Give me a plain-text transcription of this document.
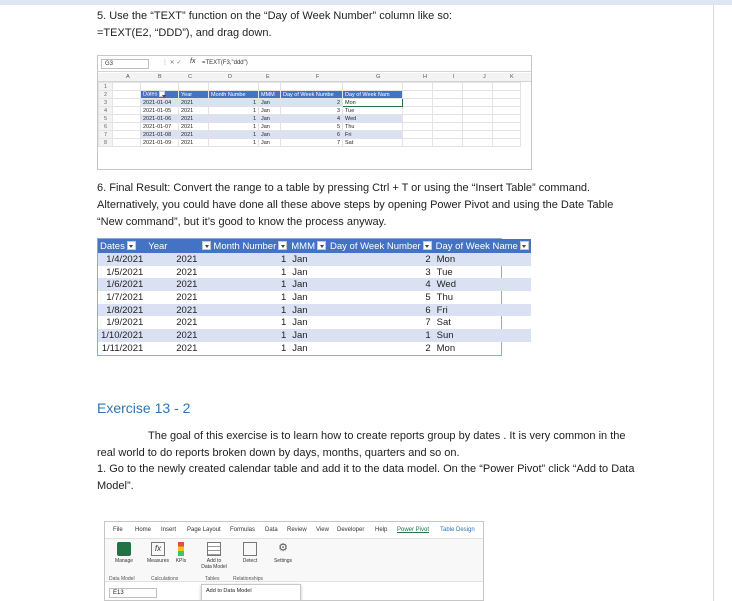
5. Use the “TEXT” function on the “Day of Week Number” column like so:
=TEXT(E2, “DDD”), and drag down.
G3	⋮ ✕ ✓ fx =TEXT(F3,"ddd")
A	B	C	D	E	F	G	H	I	J	K
1											
2		Dates	Year	Month Numbe	MMM	Day of Week Numbe	Day of Week Nam				
3		2021-01-04	2021	1	Jan	2	Mon				
4		2021-01-05	2021	1	Jan	3	Tue				
5		2021-01-06	2021	1	Jan	4	Wed				
6		2021-01-07	2021	1	Jan	5	Thu				
7		2021-01-08	2021	1	Jan	6	Fri				
8		2021-01-09	2021	1	Jan	7	Sat				
6. Final Result: Convert the range to a table by pressing Ctrl + T or using the “Insert Table” command. Alternatively, you could have done all these above steps by opening Power Pivot and using the Date Table “New command”, but it’s good to know the process anyway.
Dates	Year	Month Number	MMM	Day of Week Number	Day of Week Name
1/4/2021	2021	1	Jan	2	Mon
1/5/2021	2021	1	Jan	3	Tue
1/6/2021	2021	1	Jan	4	Wed
1/7/2021	2021	1	Jan	5	Thu
1/8/2021	2021	1	Jan	6	Fri
1/9/2021	2021	1	Jan	7	Sat
1/10/2021	2021	1	Jan	1	Sun
1/11/2021	2021	1	Jan	2	Mon
Exercise 13 - 2
The goal of this exercise is to learn how to create reports group by dates . It is very common in the real world to do reports broken down by days, months, quarters and so on.
1. Go to the newly created calendar table and add it to the data model. On the “Power Pivot” click “Add to Data Model”.
File Home Insert Page Layout Formulas Data Review View Developer Help Power Pivot Table Design
Manage
fx
Measures	KPIs	Add to
Data Model
Detect
⚙
Settings
Data Model	Calculations	Tables	Relationships
E13	Add to Data Model
